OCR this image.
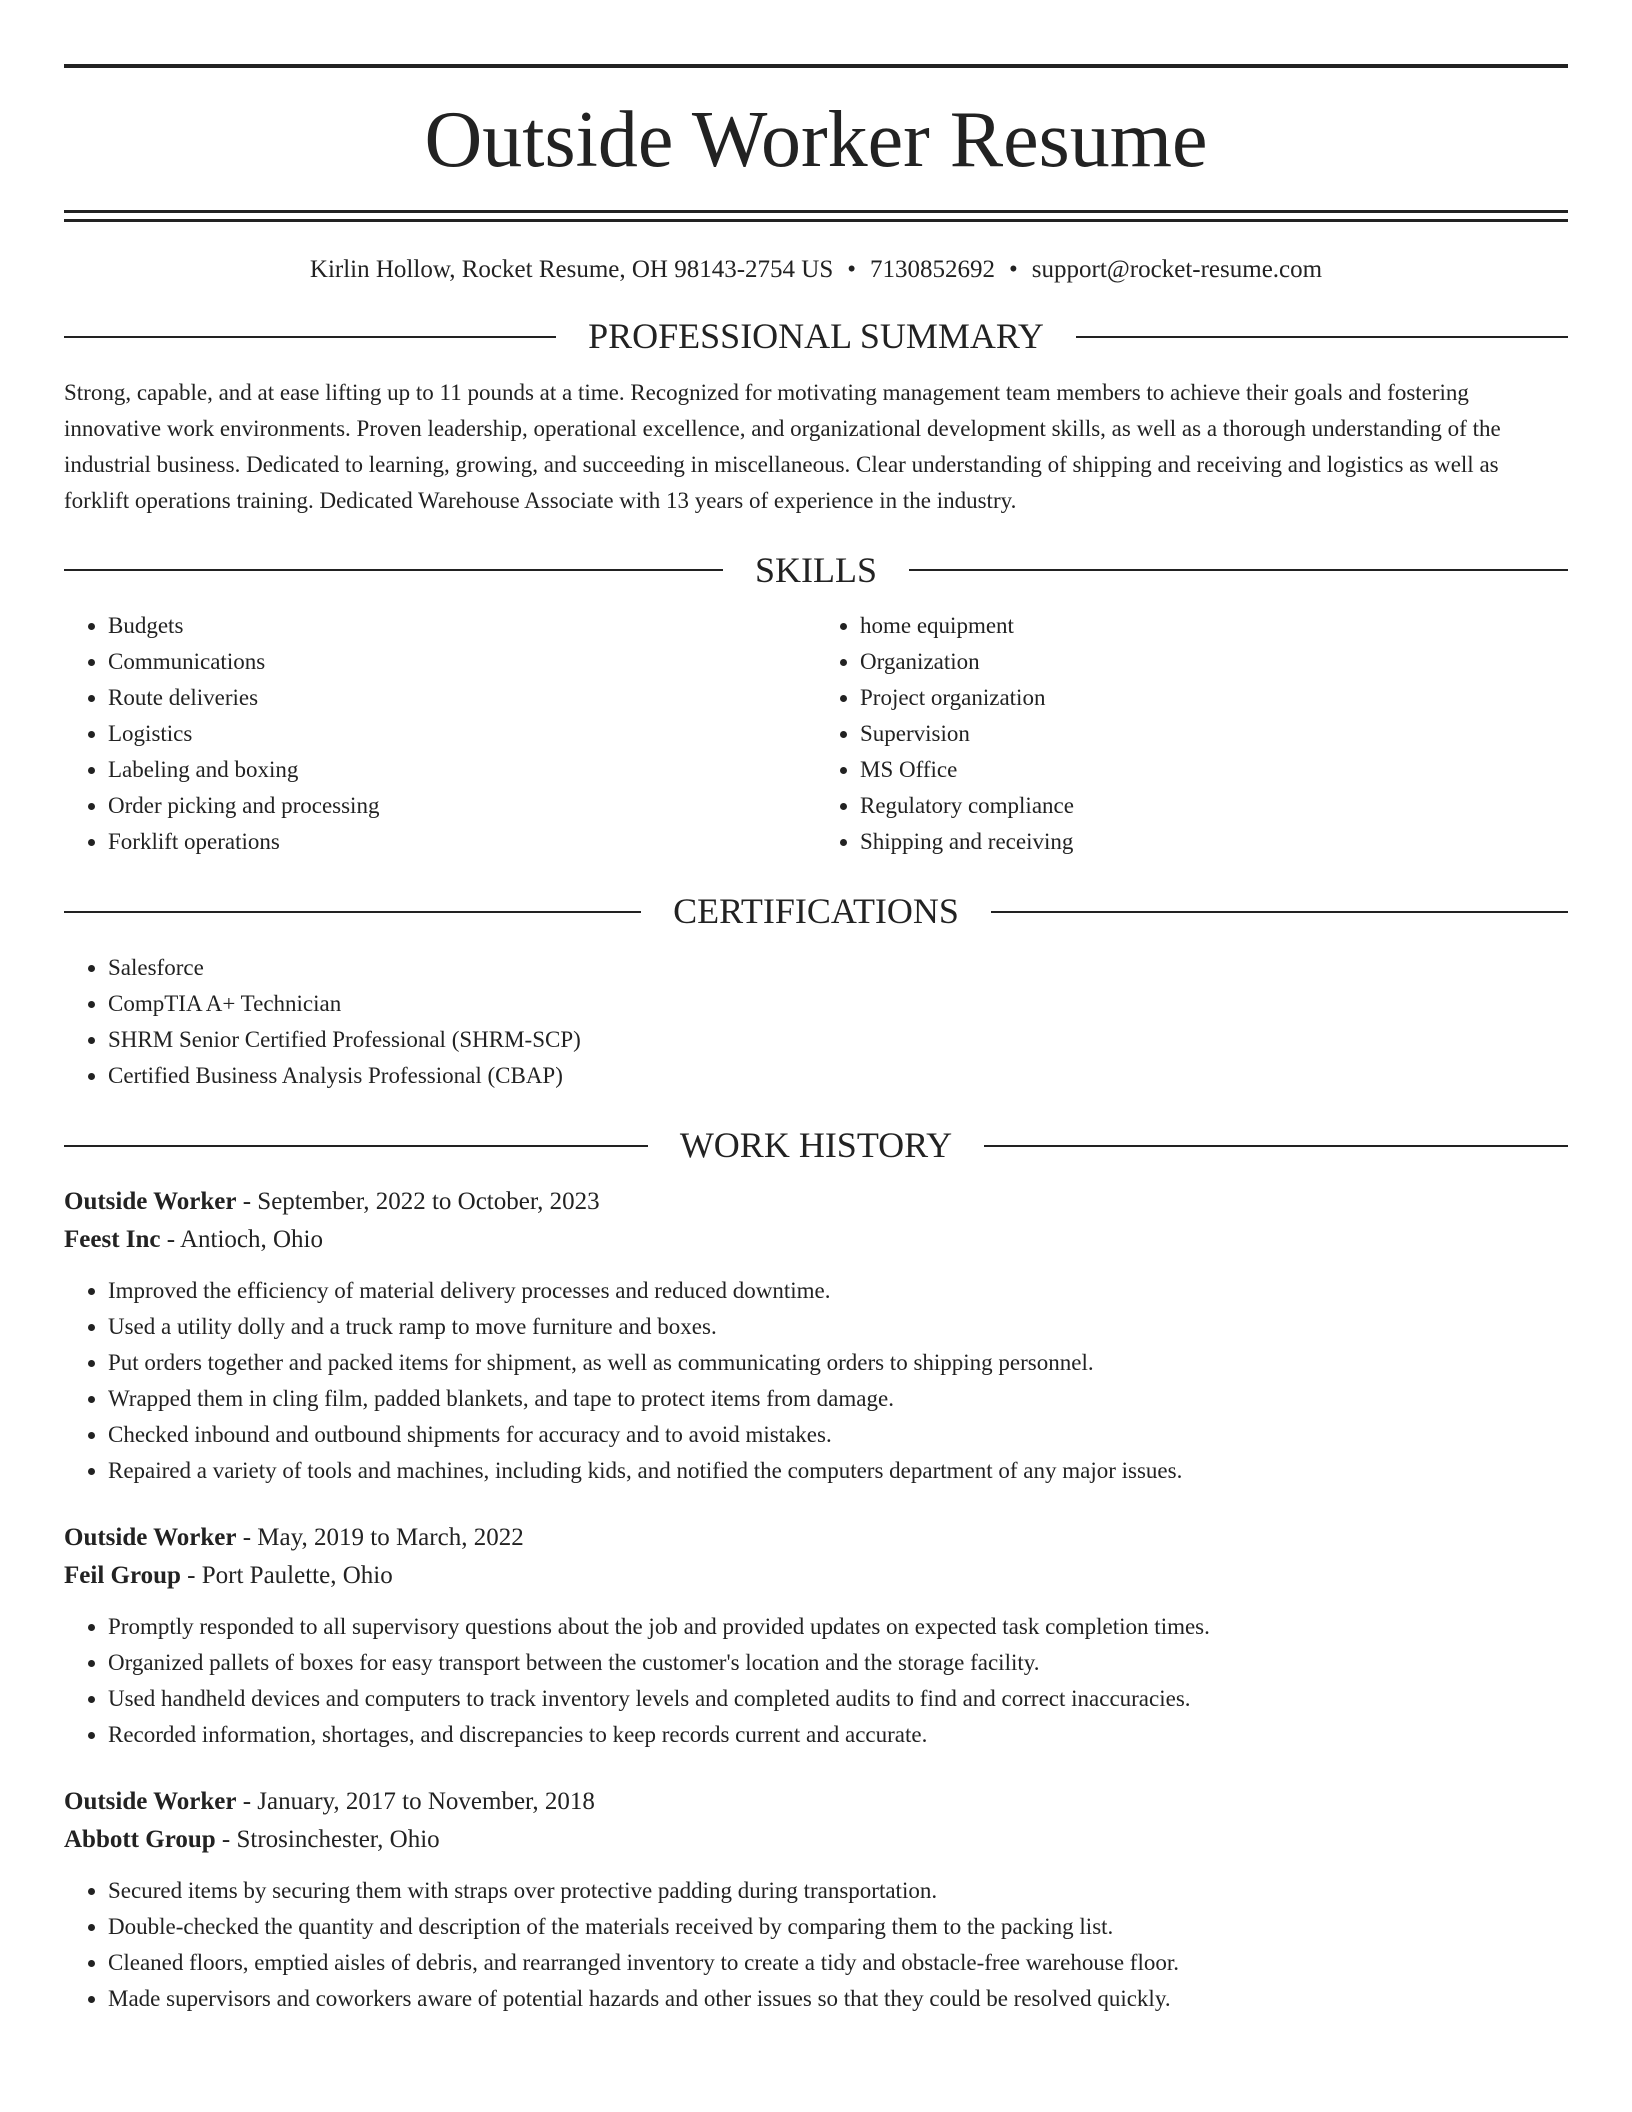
Outside Worker Resume
Kirlin Hollow, Rocket Resume, OH 98143-2754 US • 7130852692 • support@rocket-resume.com
PROFESSIONAL SUMMARY

Strong, capable, and at ease lifting up to 11 pounds at a time. Recognized for motivating management team members to achieve their goals and fostering innovative work environments. Proven leadership, operational excellence, and organizational development skills, as well as a thorough understanding of the industrial business. Dedicated to learning, growing, and succeeding in miscellaneous. Clear understanding of shipping and receiving and logistics as well as forklift operations training. Dedicated Warehouse Associate with 13 years of experience in the industry.

SKILLS
• Budgets
• Communications
• Route deliveries
• Logistics
• Labeling and boxing
• Order picking and processing
• Forklift operations
• home equipment
• Organization
• Project organization
• Supervision
• MS Office
• Regulatory compliance
• Shipping and receiving
CERTIFICATIONS
• Salesforce
• CompTIA A+ Technician
• SHRM Senior Certified Professional (SHRM-SCP)
• Certified Business Analysis Professional (CBAP)
WORK HISTORY
Outside Worker - September, 2022 to October, 2023
Feest Inc - Antioch, Ohio
• Improved the efficiency of material delivery processes and reduced downtime.
• Used a utility dolly and a truck ramp to move furniture and boxes.
• Put orders together and packed items for shipment, as well as communicating orders to shipping personnel.
• Wrapped them in cling film, padded blankets, and tape to protect items from damage.
• Checked inbound and outbound shipments for accuracy and to avoid mistakes.
• Repaired a variety of tools and machines, including kids, and notified the computers department of any major issues.
Outside Worker - May, 2019 to March, 2022
Feil Group - Port Paulette, Ohio
• Promptly responded to all supervisory questions about the job and provided updates on expected task completion times.
• Organized pallets of boxes for easy transport between the customer's location and the storage facility.
• Used handheld devices and computers to track inventory levels and completed audits to find and correct inaccuracies.
• Recorded information, shortages, and discrepancies to keep records current and accurate.
Outside Worker - January, 2017 to November, 2018
Abbott Group - Strosinchester, Ohio
• Secured items by securing them with straps over protective padding during transportation.
• Double-checked the quantity and description of the materials received by comparing them to the packing list.
• Cleaned floors, emptied aisles of debris, and rearranged inventory to create a tidy and obstacle-free warehouse floor.
• Made supervisors and coworkers aware of potential hazards and other issues so that they could be resolved quickly.
